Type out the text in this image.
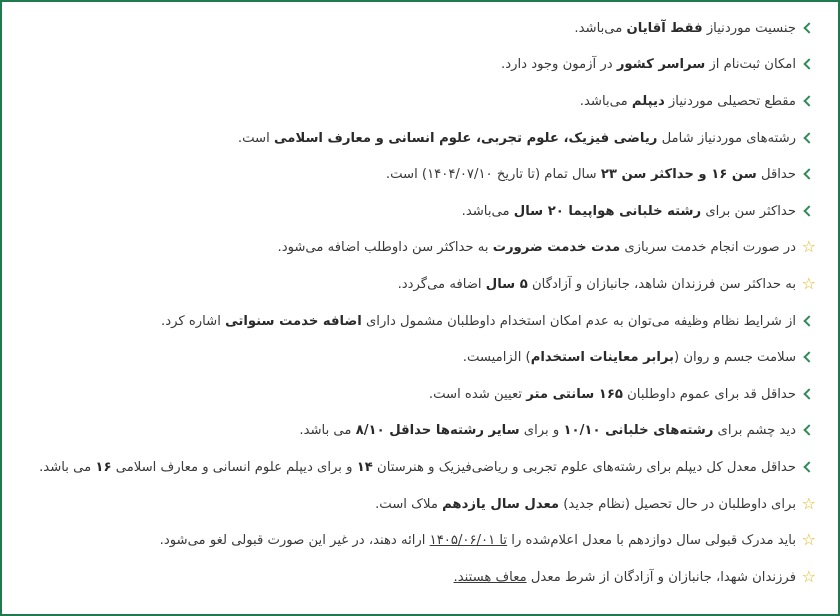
جنسیت موردنیاز فقط آقایان می‌باشد.
امکان ثبت‌نام از سراسر کشور در آزمون وجود دارد.
مقطع تحصیلی موردنیاز دیپلم می‌باشد.
رشته‌های موردنیاز شامل ریاضی فیزیک، علوم تجربی، علوم انسانی و معارف اسلامی است.
حداقل سن ۱۶ و حداکثر سن ۲۳ سال تمام (تا تاریخ ۱۴۰۴/۰۷/۱۰) است.
حداکثر سن برای رشته خلبانی هواپیما ۲۰ سال می‌باشد.
☆
در صورت انجام خدمت سربازی مدت خدمت ضرورت به حداکثر سن داوطلب اضافه می‌شود.
☆
به حداکثر سن فرزندان شاهد، جانبازان و آزادگان ۵ سال اضافه می‌گردد.
از شرایط نظام وظیفه می‌توان به عدم امکان استخدام داوطلبان مشمول دارای اضافه خدمت سنواتی اشاره کرد.
سلامت جسم و روان (برابر معاینات استخدام) الزامیست.
حداقل قد برای عموم داوطلبان ۱۶۵ سانتی متر تعیین شده است.
دید چشم برای رشته‌های خلبانی ۱۰/۱۰ و برای سایر رشته‌ها حداقل ۸/۱۰ می باشد.
حداقل معدل کل دیپلم برای رشته‌های علوم تجربی و ریاضی‌فیزیک و هنرستان ۱۴ و برای دیپلم علوم انسانی و معارف اسلامی ۱۶ می باشد.
☆
برای داوطلبان در حال تحصیل (نظام جدید) معدل سال یازدهم ملاک است.
☆
باید مدرک قبولی سال دوازدهم با معدل اعلام‌شده را تا ۱۴۰۵/۰۶/۰۱ ارائه دهند، در غیر این صورت قبولی لغو می‌شود.
☆
فرزندان شهدا، جانبازان و آزادگان از شرط معدل معاف هستند.
